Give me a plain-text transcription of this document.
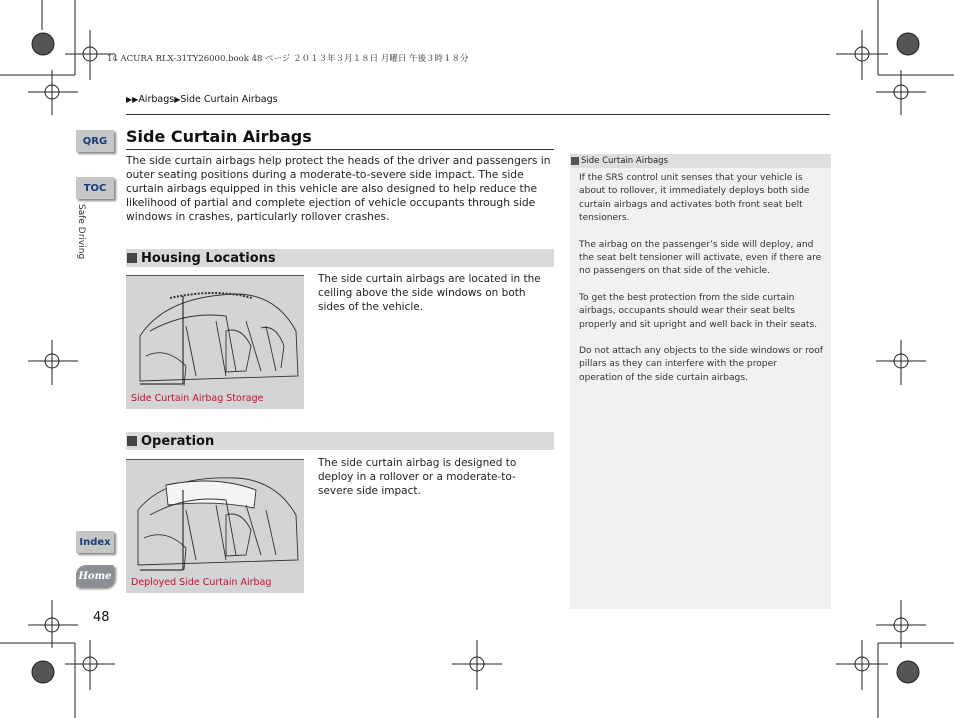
14 ACURA RLX-31TY26000.book 48 ページ ２０１３年３月１８日 月曜日 午後３時１８分
▶▶Airbags▶Side Curtain Airbags
QRG
TOC
Safe Driving
Index
Home
Side Curtain Airbags
The side curtain airbags help protect the heads of the driver and passengers in outer seating positions during a moderate-to-severe side impact. The side curtain airbags equipped in this vehicle are also designed to help reduce the likelihood of partial and complete ejection of vehicle occupants through side windows in crashes, particularly rollover crashes.
Housing Locations
Side Curtain Airbag Storage
The side curtain airbags are located in the ceiling above the side windows on both sides of the vehicle.
Operation
Deployed Side Curtain Airbag
The side curtain airbag is designed to deploy in a rollover or a moderate-to-severe side impact.
Side Curtain Airbags

If the SRS control unit senses that your vehicle is about to rollover, it immediately deploys both side curtain airbags and activates both front seat belt tensioners.

The airbag on the passenger’s side will deploy, and the seat belt tensioner will activate, even if there are no passengers on that side of the vehicle.

To get the best protection from the side curtain airbags, occupants should wear their seat belts properly and sit upright and well back in their seats.

Do not attach any objects to the side windows or roof pillars as they can interfere with the proper operation of the side curtain airbags.

48
